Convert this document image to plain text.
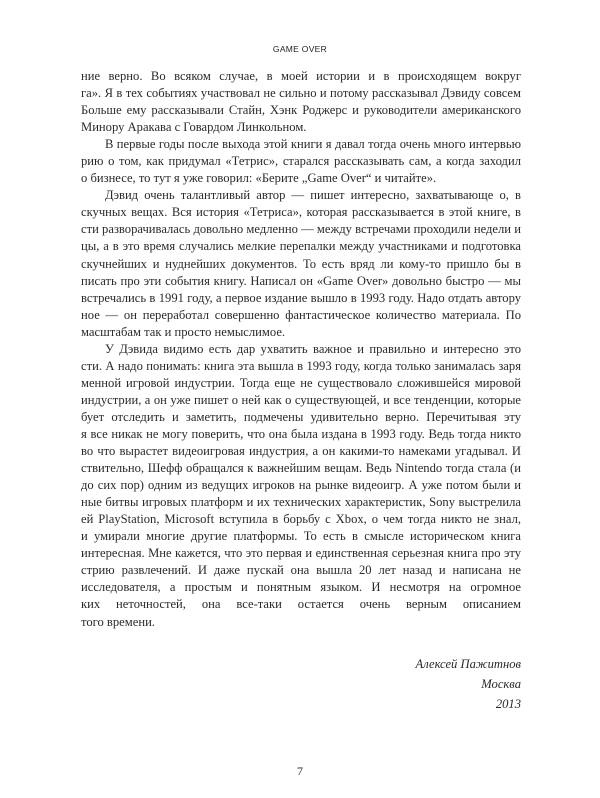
GAME OVER
ние верно. Во всяком случае, в моей истории и в происходящем вокруг
га». Я в тех событиях участвовал не сильно и потому рассказывал Дэвиду совсем
Больше ему рассказывали Стайн, Хэнк Роджерс и руководители американского
Минору Аракава с Говардом Линкольном.
В первые годы после выхода этой книги я давал тогда очень много интервью
рию о том, как придумал «Тетрис», старался рассказывать сам, а когда заходил
о бизнесе, то тут я уже говорил: «Берите „Game Over“ и читайте».
Дэвид очень талантливый автор — пишет интересно, захватывающе о, в
скучных вещах. Вся история «Тетриса», которая рассказывается в этой книге, в
сти разворачивалась довольно медленно — между встречами проходили недели и
цы, а в это время случались мелкие перепалки между участниками и подготовка
скучнейших и нуднейших документов. То есть вряд ли кому-то пришло бы в
писать про эти события книгу. Написал он «Game Over» довольно быстро — мы
встречались в 1991 году, а первое издание вышло в 1993 году. Надо отдать автору
ное — он переработал совершенно фантастическое количество материала. По
масштабам так и просто немыслимое.
У Дэвида видимо есть дар ухватить важное и правильно и интересно это
сти. А надо понимать: книга эта вышла в 1993 году, когда только занималась заря
менной игровой индустрии. Тогда еще не существовало сложившейся мировой
индустрии, а он уже пишет о ней как о существующей, и все тенденции, которые
бует отследить и заметить, подмечены удивительно верно. Перечитывая эту
я все никак не могу поверить, что она была издана в 1993 году. Ведь тогда никто
во что вырастет видеоигровая индустрия, а он какими-то намеками угадывал. И
ствительно, Шефф обращался к важнейшим вещам. Ведь Nintendo тогда стала (и
до сих пор) одним из ведущих игроков на рынке видеоигр. А уже потом были и
ные битвы игровых платформ и их технических характеристик, Sony выстрелила
ей PlayStation, Microsoft вступила в борьбу с Xbox, о чем тогда никто не знал,
и умирали многие другие платформы. То есть в смысле историческом книга
интересная. Мне кажется, что это первая и единственная серьезная книга про эту
стрию развлечений. И даже пускай она вышла 20 лет назад и написана не
исследователя, а простым и понятным языком. И несмотря на огромное
ких неточностей, она все-таки остается очень верным описанием
того времени.
Алексей Пажитнов
Москва
2013
7
